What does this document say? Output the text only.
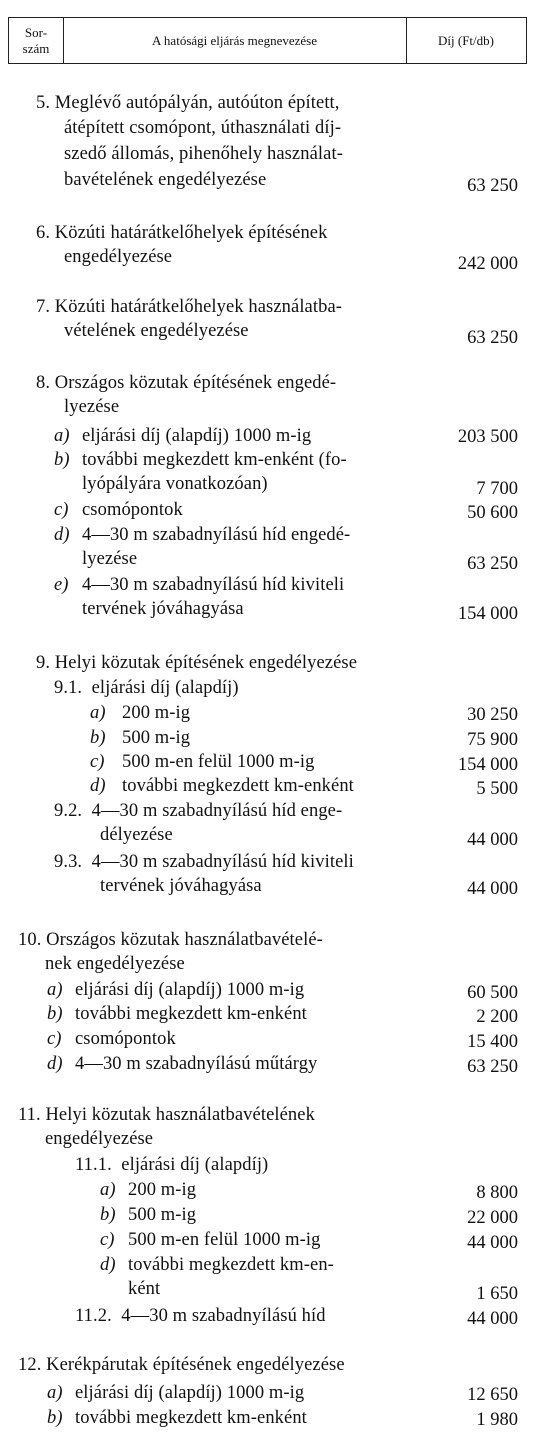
Sor-
szám
A hatósági eljárás megnevezése	Díj (Ft/db)
5. Meglévő autópályán, autóúton épített,
átépített csomópont, úthasználati díj-
szedő állomás, pihenőhely használat-
bavételének engedélyezése	63 250
6. Közúti határátkelőhelyek építésének
engedélyezése	242 000
7. Közúti határátkelőhelyek használatba-
vételének engedélyezése	63 250
8. Országos közutak építésének engedé-
lyezése
a) eljárási díj (alapdíj) 1000 m-ig	203 500
b) további megkezdett km-enként (fo-
lyópályára vonatkozóan)	7 700
c) csomópontok	50 600
d) 4—30 m szabadnyílású híd engedé-
lyezése	63 250
e) 4—30 m szabadnyílású híd kiviteli
tervének jóváhagyása	154 000
9. Helyi közutak építésének engedélyezése
9.1.  eljárási díj (alapdíj)
a) 200 m-ig	30 250
b) 500 m-ig	75 900
c) 500 m-en felül 1000 m-ig	154 000
d) további megkezdett km-enként	5 500
9.2.  4—30 m szabadnyílású híd enge-
délyezése	44 000
9.3.  4—30 m szabadnyílású híd kiviteli
tervének jóváhagyása	44 000
10. Országos közutak használatbavételé-
nek engedélyezése
a) eljárási díj (alapdíj) 1000 m-ig	60 500
b) további megkezdett km-enként	2 200
c) csomópontok	15 400
d) 4—30 m szabadnyílású műtárgy	63 250
11. Helyi közutak használatbavételének
engedélyezése
11.1.  eljárási díj (alapdíj)
a) 200 m-ig	8 800
b) 500 m-ig	22 000
c) 500 m-en felül 1000 m-ig	44 000
d) további megkezdett km-en-
ként	1 650
11.2.  4—30 m szabadnyílású híd	44 000
12. Kerékpárutak építésének engedélyezése
a) eljárási díj (alapdíj) 1000 m-ig	12 650
b) további megkezdett km-enként	1 980
